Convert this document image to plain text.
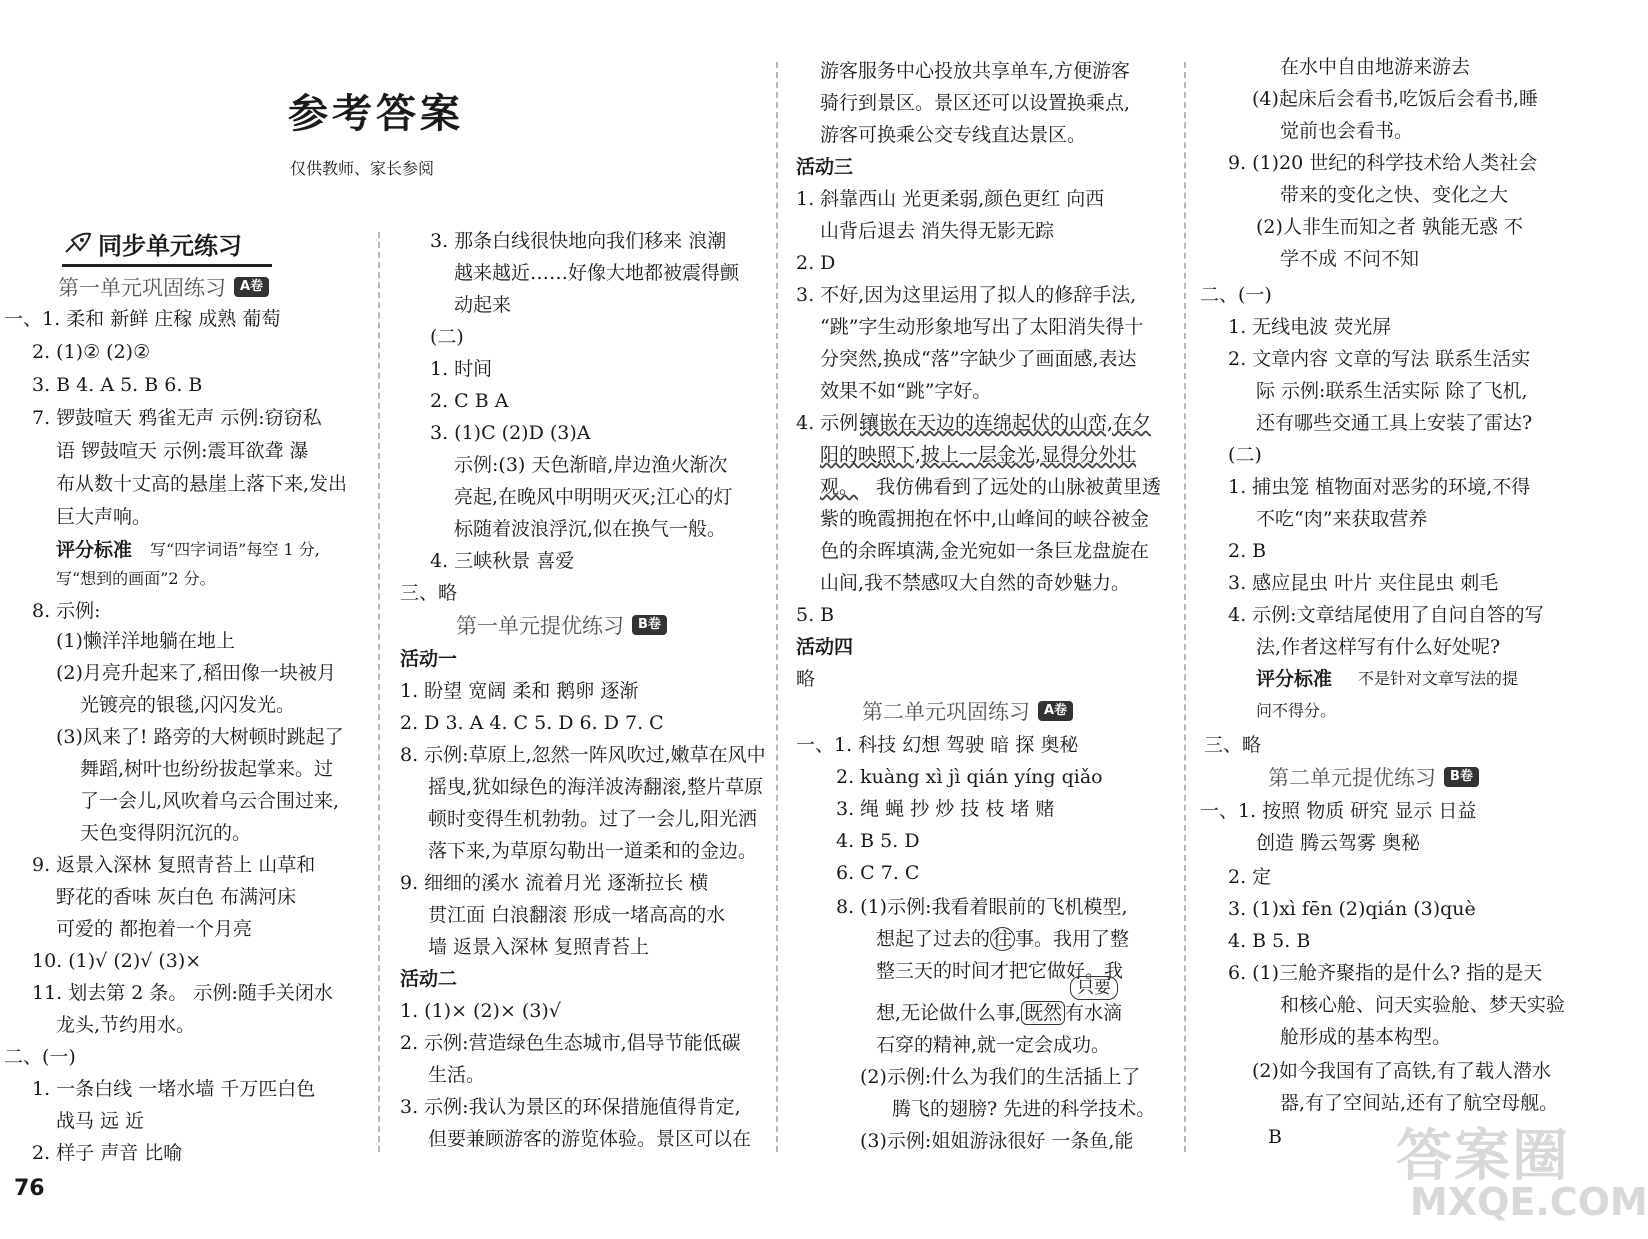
参考答案
仅供教师、家长参阅
同步单元练习
第一单元巩固练习	A卷
一、1. 柔和 新鲜 庄稼 成熟 葡萄
2. (1)② (2)②
3. B 4. A 5. B 6. B
7. 锣鼓喧天 鸦雀无声 示例:窃窃私
语 锣鼓喧天 示例:震耳欲聋 瀑
布从数十丈高的悬崖上落下来,发出
巨大声响。
评分标准 写“四字词语”每空 1 分,
写“想到的画面”2 分。
8. 示例:
(1)懒洋洋地躺在地上
(2)月亮升起来了,稻田像一块被月
光镀亮的银毯,闪闪发光。
(3)风来了! 路旁的大树顿时跳起了
舞蹈,树叶也纷纷拔起掌来。过
了一会儿,风吹着乌云合围过来,
天色变得阴沉沉的。
9. 返景入深林 复照青苔上 山草和
野花的香味 灰白色 布满河床
可爱的 都抱着一个月亮
10. (1)√ (2)√ (3)×
11. 划去第 2 条。 示例:随手关闭水
龙头,节约用水。
二、(一)
1. 一条白线 一堵水墙 千万匹白色
战马 远 近
2. 样子 声音 比喻
3. 那条白线很快地向我们移来 浪潮
越来越近……好像大地都被震得颤
动起来
(二)
1. 时间
2. C B A
3. (1)C (2)D (3)A
示例:(3) 天色渐暗,岸边渔火渐次
亮起,在晚风中明明灭灭;江心的灯
标随着波浪浮沉,似在换气一般。
4. 三峡秋景 喜爱
三、略
第一单元提优练习	B卷
活动一
1. 盼望 宽阔 柔和 鹅卵 逐渐
2. D 3. A 4. C 5. D 6. D 7. C
8. 示例:草原上,忽然一阵风吹过,嫩草在风中
摇曳,犹如绿色的海洋波涛翻滚,整片草原
顿时变得生机勃勃。过了一会儿,阳光洒
落下来,为草原勾勒出一道柔和的金边。
9. 细细的溪水 流着月光 逐渐拉长 横
贯江面 白浪翻滚 形成一堵高高的水
墙 返景入深林 复照青苔上
活动二
1. (1)× (2)× (3)√
2. 示例:营造绿色生态城市,倡导节能低碳
生活。
3. 示例:我认为景区的环保措施值得肯定,
但要兼顾游客的游览体验。景区可以在
游客服务中心投放共享单车,方便游客
骑行到景区。景区还可以设置换乘点,
游客可换乘公交专线直达景区。
活动三
1. 斜靠西山 光更柔弱,颜色更红 向西
山背后退去 消失得无影无踪
2. D
3. 不好,因为这里运用了拟人的修辞手法,
“跳”字生动形象地写出了太阳消失得十
分突然,换成“落”字缺少了画面感,表达
效果不如“跳”字好。
4. 示例:
镶嵌在天边的连绵起伏的山峦,在夕
阳的映照下,披上一层金光,显得分外壮
观。 我仿佛看到了远处的山脉被黄里透
紫的晚霞拥抱在怀中,山峰间的峡谷被金
色的余晖填满,金光宛如一条巨龙盘旋在
山间,我不禁感叹大自然的奇妙魅力。
5. B
活动四
略
第二单元巩固练习	A卷
一、1. 科技 幻想 驾驶 暗 探 奥秘
2. kuàng xì jì qián yíng qiǎo
3. 绳 蝇 抄 炒 技 枝 堵 赌
4. B 5. D
6. C 7. C
8. (1)示例:我看着眼前的飞机模型,
想起了过去的 往 事。我用了整
整三天的时间才把它做好。我
只要
想,无论做什么事, 既然 有水滴
石穿的精神,就一定会成功。
(2)示例:什么为我们的生活插上了
腾飞的翅膀? 先进的科学技术。
(3)示例:姐姐游泳很好 一条鱼,能
在水中自由地游来游去
(4)起床后会看书,吃饭后会看书,睡
觉前也会看书。
9. (1)20 世纪的科学技术给人类社会
带来的变化之快、变化之大
(2)人非生而知之者 孰能无惑 不
学不成 不问不知
二、(一)
1. 无线电波 荧光屏
2. 文章内容 文章的写法 联系生活实
际 示例:联系生活实际 除了飞机,
还有哪些交通工具上安装了雷达?
(二)
1. 捕虫笼 植物面对恶劣的环境,不得
不吃“肉”来获取营养
2. B
3. 感应昆虫 叶片 夹住昆虫 刺毛
4. 示例:文章结尾使用了自问自答的写
法,作者这样写有什么好处呢?
评分标准 不是针对文章写法的提
问不得分。
三、略
第二单元提优练习	B卷
一、1. 按照 物质 研究 显示 日益
创造 腾云驾雾 奥秘
2. 定
3. (1)xì fēn (2)qián (3)què
4. B 5. B
6. (1)三舱齐聚指的是什么? 指的是天
和核心舱、问天实验舱、梦天实验
舱形成的基本构型。
(2)如今我国有了高铁,有了载人潜水
器,有了空间站,还有了航空母舰。
B
76	答案圈
MXQE.COM
